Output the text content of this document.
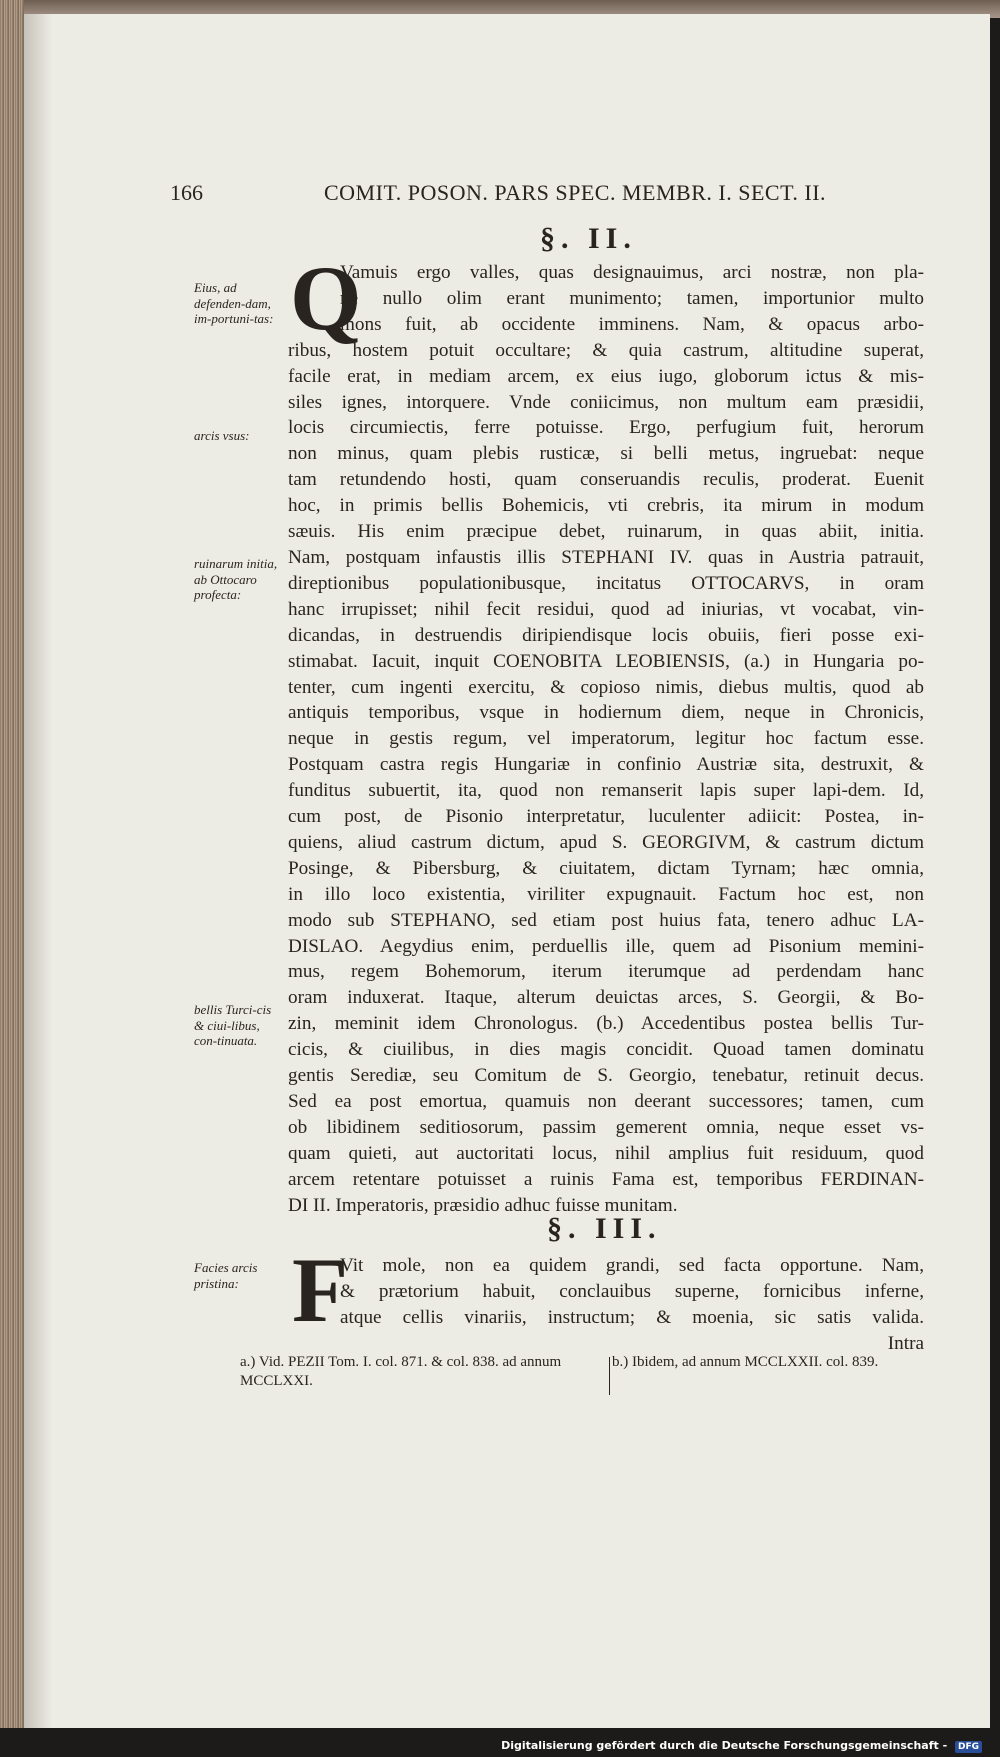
166	COMIT. POSON. PARS SPEC. MEMBR. I. SECT. II.
§. II.
Eius, ad defenden-dam, im-portuni-tas:
arcis vsus:
ruinarum initia, ab Ottocaro profecta:
bellis Turci-cis & ciui-libus, con-tinuata.
Q
Vamuis ergo valles, quas designauimus, arci nostræ, non pla-
ne nullo olim erant munimento; tamen, importunior multo
mons fuit, ab occidente imminens. Nam, & opacus arbo-
ribus, hostem potuit occultare; & quia castrum, altitudine superat,
facile erat, in mediam arcem, ex eius iugo, globorum ictus & mis-
siles ignes, intorquere. Vnde coniicimus, non multum eam præsidii,
locis circumiectis, ferre potuisse. Ergo, perfugium fuit, herorum
non minus, quam plebis rusticæ, si belli metus, ingruebat: neque
tam retundendo hosti, quam conseruandis reculis, proderat. Euenit
hoc, in primis bellis Bohemicis, vti crebris, ita mirum in modum
sæuis. His enim præcipue debet, ruinarum, in quas abiit, initia.
Nam, postquam infaustis illis STEPHANI IV. quas in Austria patrauit,
direptionibus populationibusque, incitatus OTTOCARVS, in oram
hanc irrupisset; nihil fecit residui, quod ad iniurias, vt vocabat, vin-
dicandas, in destruendis diripiendisque locis obuiis, fieri posse exi-
stimabat. Iacuit, inquit COENOBITA LEOBIENSIS, (a.) in Hungaria po-
tenter, cum ingenti exercitu, & copioso nimis, diebus multis, quod ab
antiquis temporibus, vsque in hodiernum diem, neque in Chronicis,
neque in gestis regum, vel imperatorum, legitur hoc factum esse.
Postquam castra regis Hungariæ in confinio Austriæ sita, destruxit, &
funditus subuertit, ita, quod non remanserit lapis super lapi-dem. Id,
cum post, de Pisonio interpretatur, luculenter adiicit: Postea, in-
quiens, aliud castrum dictum, apud S. GEORGIVM, & castrum dictum
Posinge, & Pibersburg, & ciuitatem, dictam Tyrnam; hæc omnia,
in illo loco existentia, viriliter expugnauit. Factum hoc est, non
modo sub STEPHANO, sed etiam post huius fata, tenero adhuc LA-
DISLAO. Aegydius enim, perduellis ille, quem ad Pisonium memini-
mus, regem Bohemorum, iterum iterumque ad perdendam hanc
oram induxerat. Itaque, alterum deuictas arces, S. Georgii, & Bo-
zin, meminit idem Chronologus. (b.) Accedentibus postea bellis Tur-
cicis, & ciuilibus, in dies magis concidit. Quoad tamen dominatu
gentis Serediæ, seu Comitum de S. Georgio, tenebatur, retinuit decus.
Sed ea post emortua, quamuis non deerant successores; tamen, cum
ob libidinem seditiosorum, passim gemerent omnia, neque esset vs-
quam quieti, aut auctoritati locus, nihil amplius fuit residuum, quod
arcem retentare potuisset a ruinis Fama est, temporibus FERDINAN-
DI II. Imperatoris, præsidio adhuc fuisse munitam.
§. III.
Facies arcis pristina: F
Vit mole, non ea quidem grandi, sed facta opportune. Nam,
& prætorium habuit, conclauibus superne, fornicibus inferne,
atque cellis vinariis, instructum; & moenia, sic satis valida.
Intra
a.) Vid. PEZII Tom. I. col. 871. & col. 838. ad annum MCCLXXI.
b.) Ibidem, ad annum MCCLXXII. col. 839.
Digitalisierung gefördert durch die Deutsche Forschungsgemeinschaft - DFG
